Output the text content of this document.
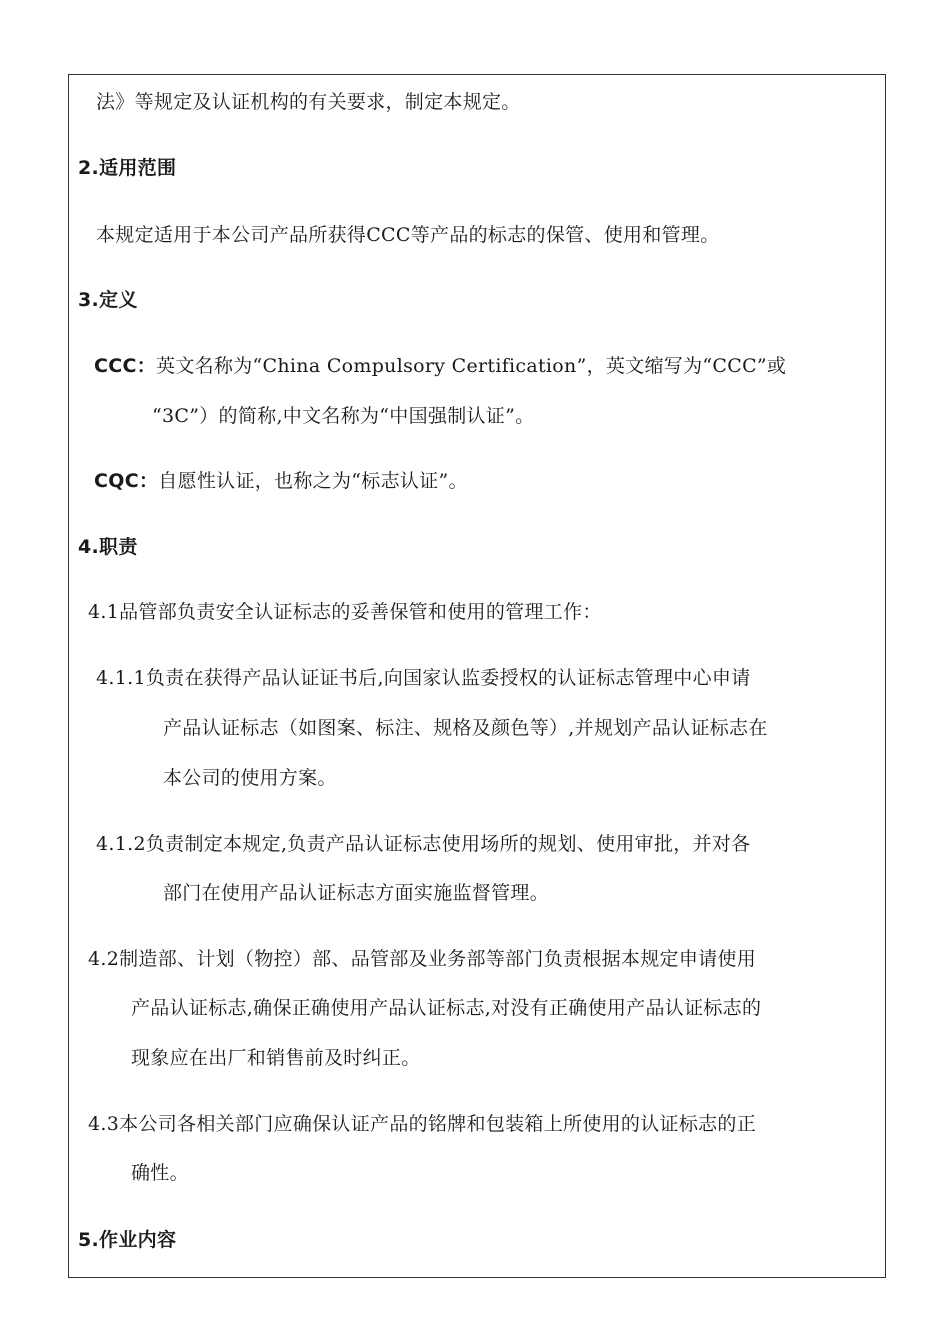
法》等规定及认证机构的有关要求，制定本规定。
2.适用范围
本规定适用于本公司产品所获得CCC等产品的标志的保管、使用和管理。
3.定义
CCC：英文名称为“China Compulsory Certification”，英文缩写为“CCC”或
“3C”）的简称,中文名称为“中国强制认证”。
CQC：自愿性认证，也称之为“标志认证”。
4.职责
4.1品管部负责安全认证标志的妥善保管和使用的管理工作：
4.1.1负责在获得产品认证证书后,向国家认监委授权的认证标志管理中心申请
产品认证标志（如图案、标注、规格及颜色等）,并规划产品认证标志在
本公司的使用方案。
4.1.2负责制定本规定,负责产品认证标志使用场所的规划、使用审批，并对各
部门在使用产品认证标志方面实施监督管理。
4.2制造部、计划（物控）部、品管部及业务部等部门负责根据本规定申请使用
产品认证标志,确保正确使用产品认证标志,对没有正确使用产品认证标志的
现象应在出厂和销售前及时纠正。
4.3本公司各相关部门应确保认证产品的铭牌和包装箱上所使用的认证标志的正
确性。
5.作业内容
